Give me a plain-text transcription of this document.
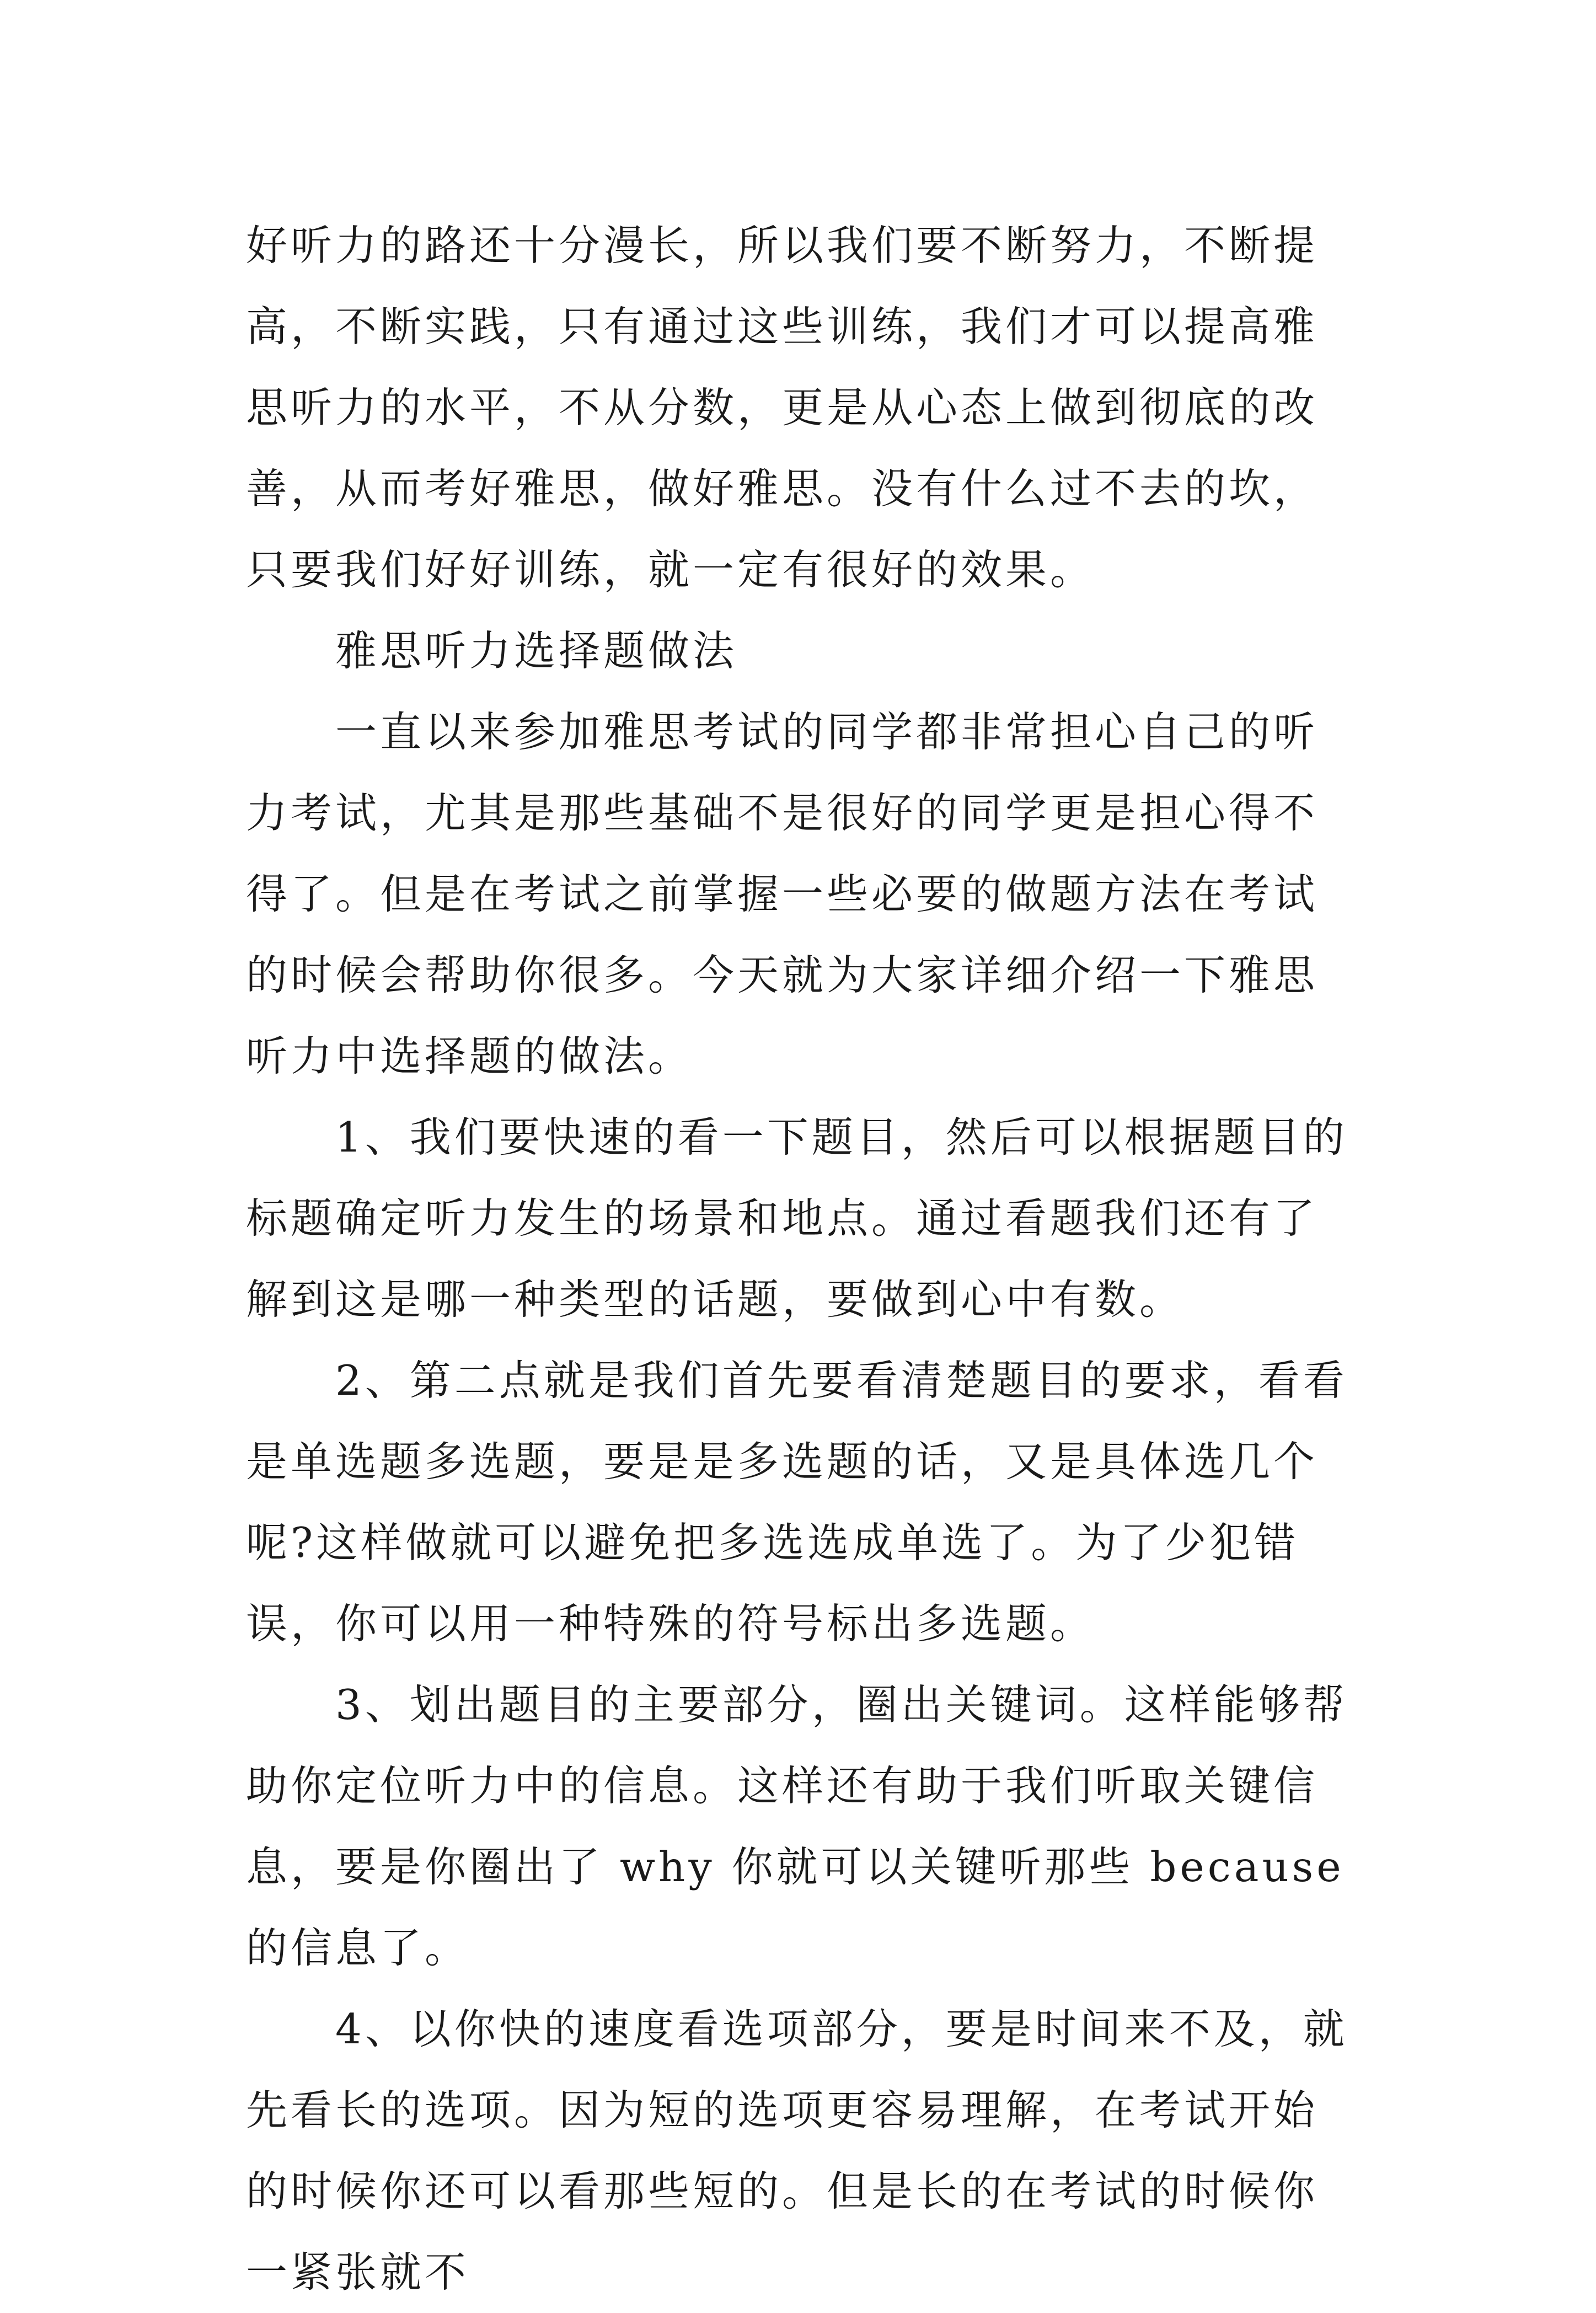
好听力的路还十分漫长，所以我们要不断努力，不断提高，不断实践，只有通过这些训练，我们才可以提高雅思听力的水平，不从分数，更是从心态上做到彻底的改善，从而考好雅思，做好雅思。没有什么过不去的坎，只要我们好好训练，就一定有很好的效果。

雅思听力选择题做法

一直以来参加雅思考试的同学都非常担心自己的听力考试，尤其是那些基础不是很好的同学更是担心得不得了。但是在考试之前掌握一些必要的做题方法在考试的时候会帮助你很多。今天就为大家详细介绍一下雅思听力中选择题的做法。

1、我们要快速的看一下题目，然后可以根据题目的标题确定听力发生的场景和地点。通过看题我们还有了解到这是哪一种类型的话题，要做到心中有数。

2、第二点就是我们首先要看清楚题目的要求，看看是单选题多选题，要是是多选题的话，又是具体选几个呢?这样做就可以避免把多选选成单选了。为了少犯错误，你可以用一种特殊的符号标出多选题。

3、划出题目的主要部分，圈出关键词。这样能够帮助你定位听力中的信息。这样还有助于我们听取关键信息，要是你圈出了 why 你就可以关键听那些 because 的信息了。

4、以你快的速度看选项部分，要是时间来不及，就先看长的选项。因为短的选项更容易理解，在考试开始的时候你还可以看那些短的。但是长的在考试的时候你一紧张就不
